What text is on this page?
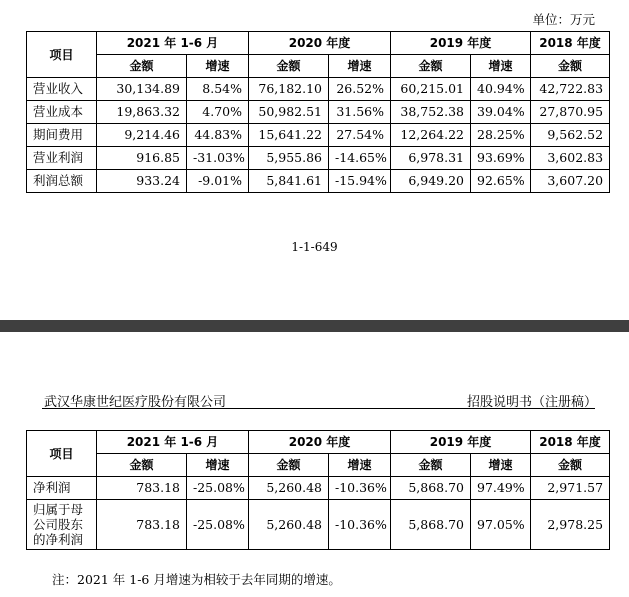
单位：万元
项目	2021 年 1-6 月		2020 年度		2019 年度		2018 年度
	金额	增速	金额	增速	金额	增速	金额
营业收入	30,134.89	8.54%	76,182.10	26.52%	60,215.01	40.94%	42,722.83
营业成本	19,863.32	4.70%	50,982.51	31.56%	38,752.38	39.04%	27,870.95
期间费用	9,214.46	44.83%	15,641.22	27.54%	12,264.22	28.25%	9,562.52
营业利润	916.85	-31.03%	5,955.86	-14.65%	6,978.31	93.69%	3,602.83
利润总额	933.24	-9.01%	5,841.61	-15.94%	6,949.20	92.65%	3,607.20
1-1-649
武汉华康世纪医疗股份有限公司	招股说明书（注册稿）
项目	2021 年 1-6 月		2020 年度		2019 年度		2018 年度
	金额	增速	金额	增速	金额	增速	金额
净利润	783.18	-25.08%	5,260.48	-10.36%	5,868.70	97.49%	2,971.57

归属于母
公司股东
的净利润	783.18	-25.08%	5,260.48	-10.36%	5,868.70	97.05%	2,978.25
注：2021 年 1-6 月增速为相较于去年同期的增速。
